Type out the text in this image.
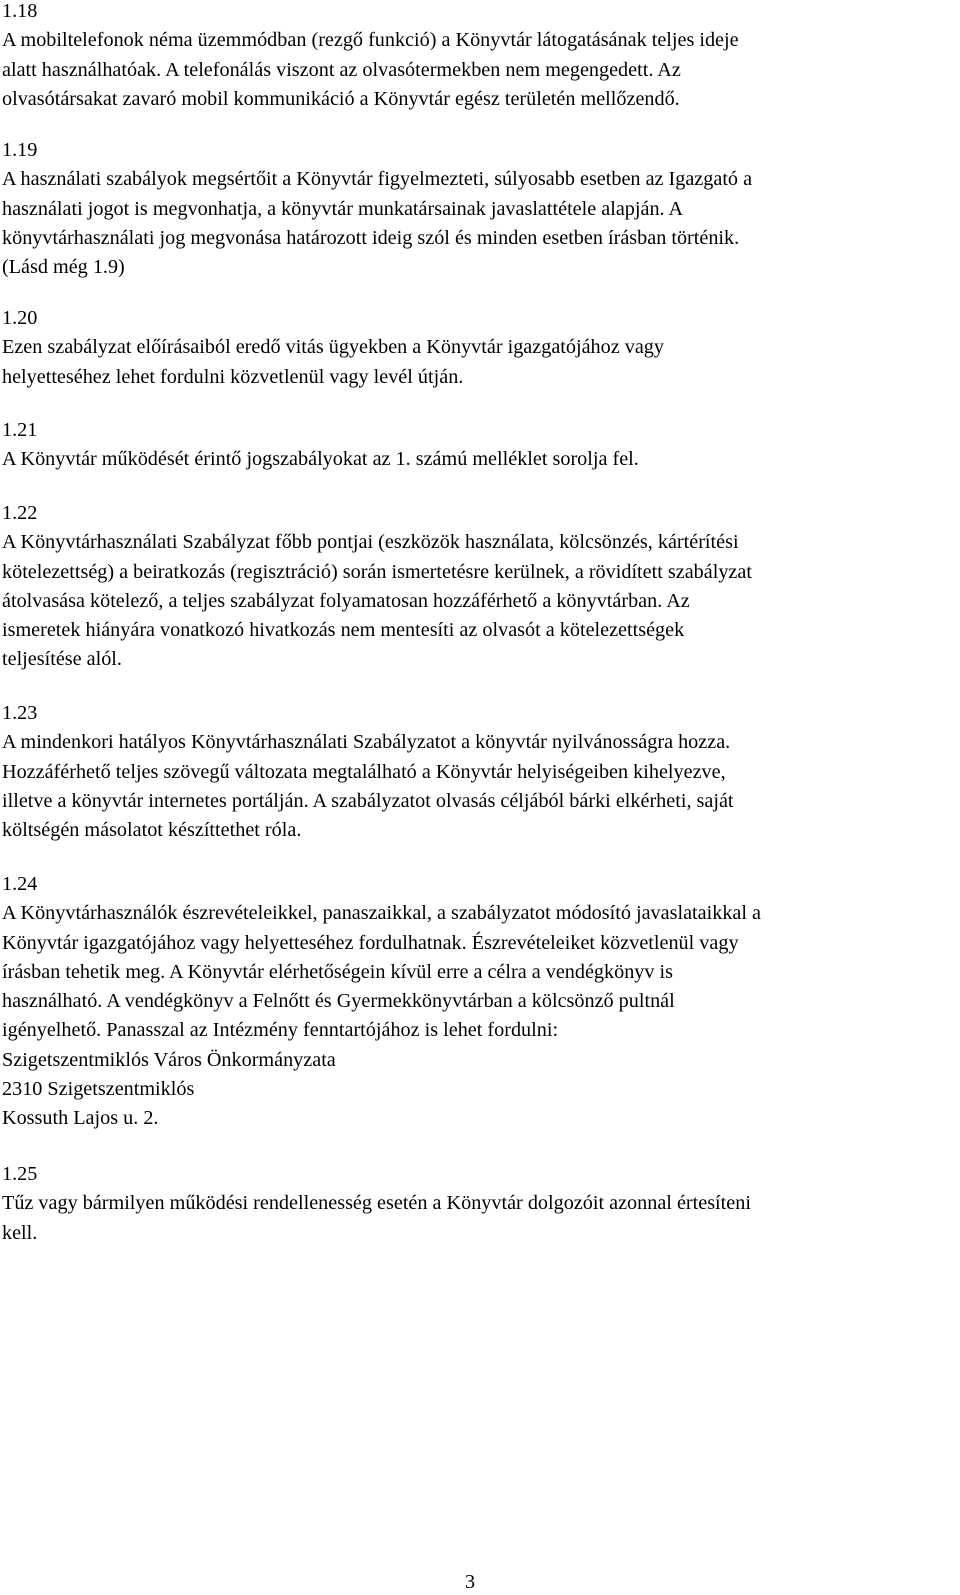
1.18
A mobiltelefonok néma üzemmódban (rezgő funkció) a Könyvtár látogatásának teljes ideje
alatt használhatóak. A telefonálás viszont az olvasótermekben nem megengedett. Az
olvasótársakat zavaró mobil kommunikáció a Könyvtár egész területén mellőzendő.
1.19
A használati szabályok megsértőit a Könyvtár figyelmezteti, súlyosabb esetben az Igazgató a
használati jogot is megvonhatja, a könyvtár munkatársainak javaslattétele alapján. A
könyvtárhasználati jog megvonása határozott ideig szól és minden esetben írásban történik.
(Lásd még 1.9)
1.20
Ezen szabályzat előírásaiból eredő vitás ügyekben a Könyvtár igazgatójához vagy
helyetteséhez lehet fordulni közvetlenül vagy levél útján.
1.21
A Könyvtár működését érintő jogszabályokat az 1. számú melléklet sorolja fel.
1.22
A Könyvtárhasználati Szabályzat főbb pontjai (eszközök használata, kölcsönzés, kártérítési
kötelezettség) a beiratkozás (regisztráció) során ismertetésre kerülnek, a rövidített szabályzat
átolvasása kötelező, a teljes szabályzat folyamatosan hozzáférhető a könyvtárban. Az
ismeretek hiányára vonatkozó hivatkozás nem mentesíti az olvasót a kötelezettségek
teljesítése alól.
1.23
A mindenkori hatályos Könyvtárhasználati Szabályzatot a könyvtár nyilvánosságra hozza.
Hozzáférhető teljes szövegű változata megtalálható a Könyvtár helyiségeiben kihelyezve,
illetve a könyvtár internetes portálján. A szabályzatot olvasás céljából bárki elkérheti, saját
költségén másolatot készíttethet róla.
1.24
A Könyvtárhasználók észrevételeikkel, panaszaikkal, a szabályzatot módosító javaslataikkal a
Könyvtár igazgatójához vagy helyetteséhez fordulhatnak. Észrevételeiket közvetlenül vagy
írásban tehetik meg. A Könyvtár elérhetőségein kívül erre a célra a vendégkönyv is
használható. A vendégkönyv a Felnőtt és Gyermekkönyvtárban a kölcsönző pultnál
igényelhető. Panasszal az Intézmény fenntartójához is lehet fordulni:
Szigetszentmiklós Város Önkormányzata
2310 Szigetszentmiklós
Kossuth Lajos u. 2.
1.25
Tűz vagy bármilyen működési rendellenesség esetén a Könyvtár dolgozóit azonnal értesíteni
kell.
3
